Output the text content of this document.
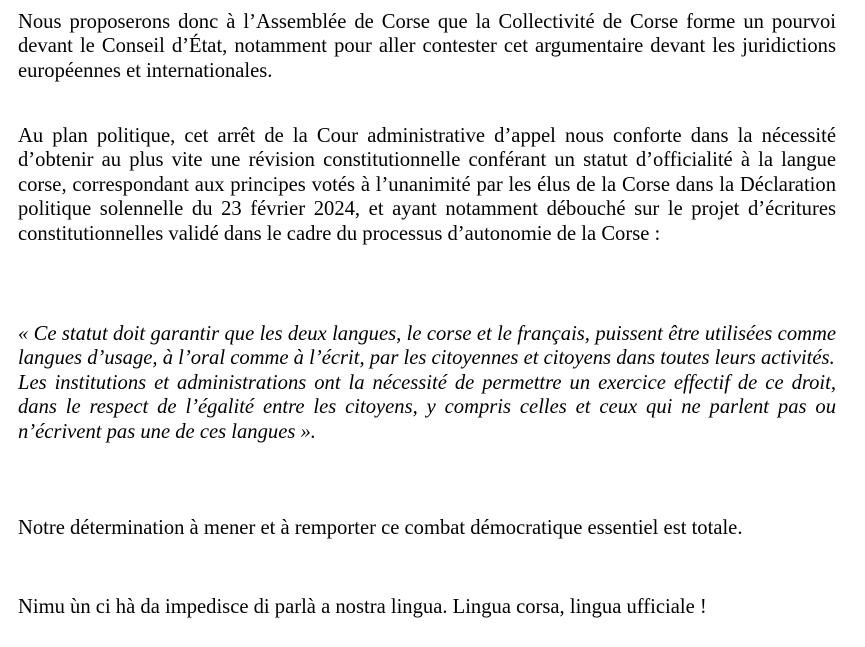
Nous proposerons donc à l’Assemblée de Corse que la Collectivité de Corse forme un pourvoi devant le Conseil d’État, notamment pour aller contester cet argumentaire devant les juridictions européennes et internationales.

Au plan politique, cet arrêt de la Cour administrative d’appel nous conforte dans la nécessité d’obtenir au plus vite une révision constitutionnelle conférant un statut d’officialité à la langue corse, correspondant aux principes votés à l’unanimité par les élus de la Corse dans la Déclaration politique solennelle du 23 février 2024, et ayant notamment débouché sur le projet d’écritures constitutionnelles validé dans le cadre du processus d’autonomie de la Corse :

« Ce statut doit garantir que les deux langues, le corse et le français, puissent être utilisées comme langues d’usage, à l’oral comme à l’écrit, par les citoyennes et citoyens dans toutes leurs activités.
Les institutions et administrations ont la nécessité de permettre un exercice effectif de ce droit, dans le respect de l’égalité entre les citoyens, y compris celles et ceux qui ne parlent pas ou n’écrivent pas une de ces langues ».

Notre détermination à mener et à remporter ce combat démocratique essentiel est totale.

Nimu ùn ci hà da impedisce di parlà a nostra lingua. Lingua corsa, lingua ufficiale !
